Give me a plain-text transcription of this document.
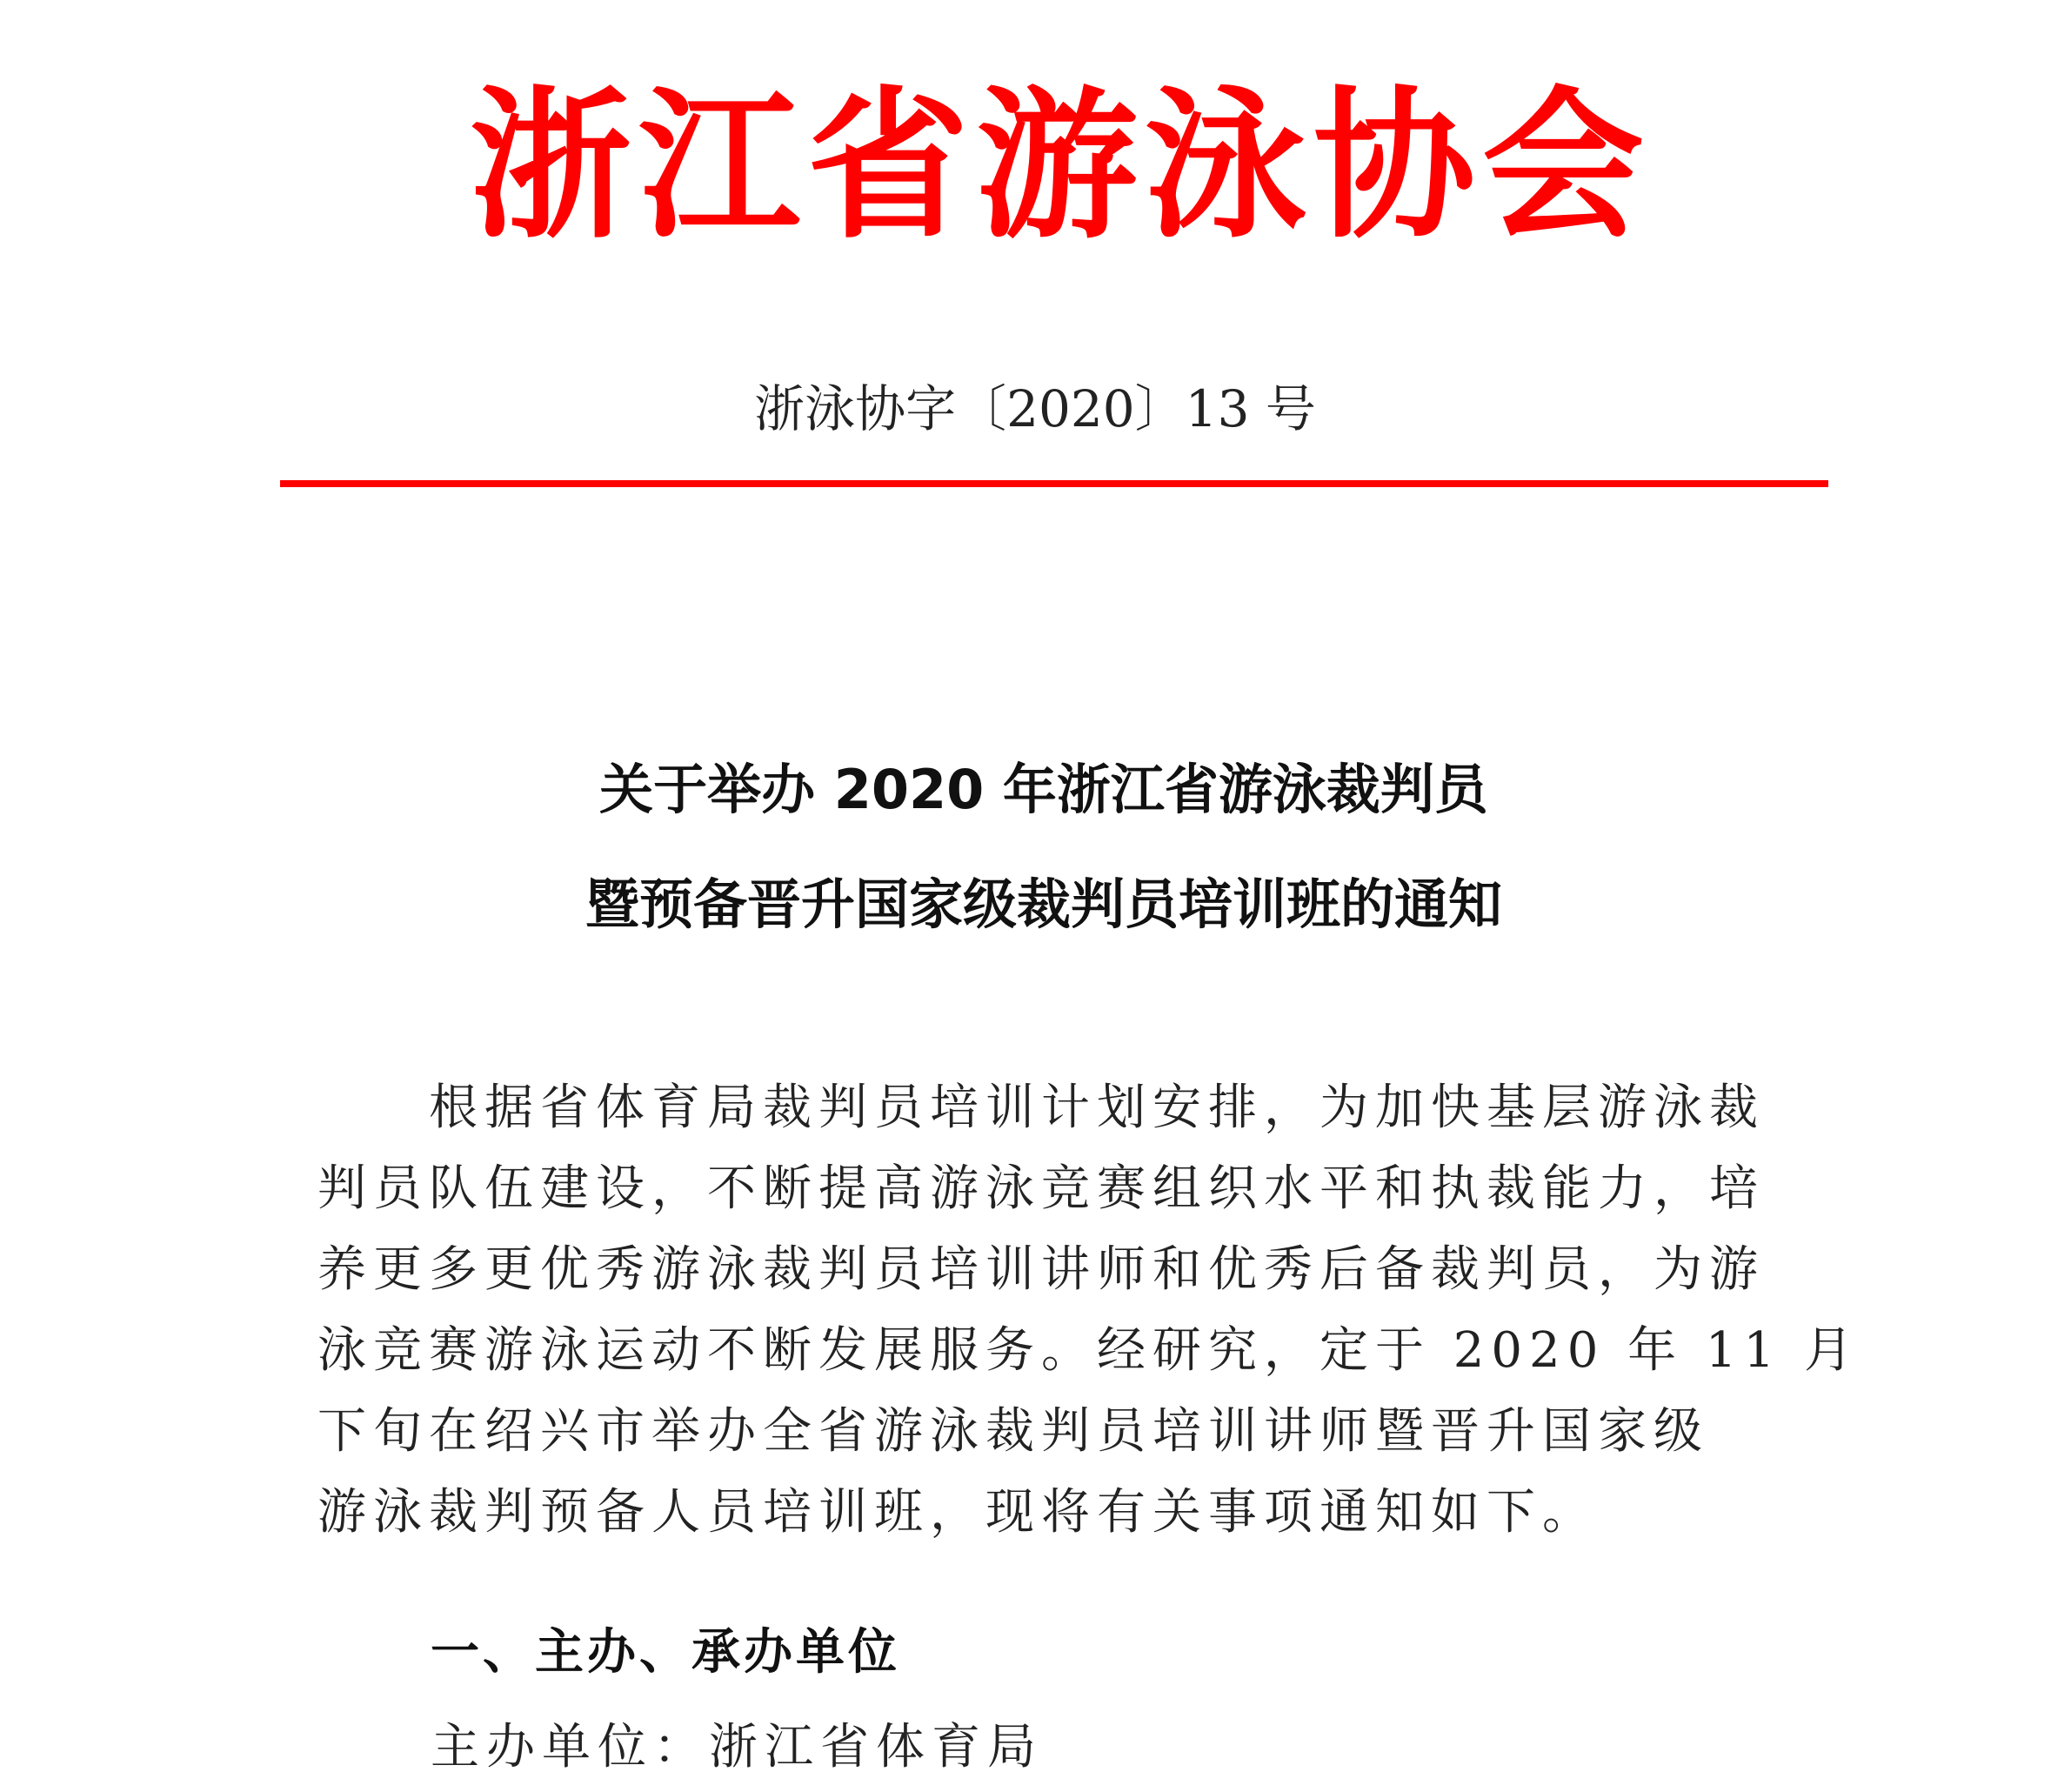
浙江省游泳协会
浙泳协字〔2020〕13 号
关于举办 2020 年浙江省游泳裁判员
暨预备晋升国家级裁判员培训班的通知
　　根据省体育局裁判员培训计划安排，为加快基层游泳裁
判员队伍建设，不断提高游泳竞赛组织水平和执裁能力，培
养更多更优秀游泳裁判员培训讲师和优秀后备裁判员，为游
泳竞赛游泳运动不断发展服务。经研究，定于 2020 年 11 月
下旬在绍兴市举办全省游泳裁判员培训讲师暨晋升国家级
游泳裁判预备人员培训班，现将有关事项通知如下。
一、主办、承办单位
主办单位：浙江省体育局
